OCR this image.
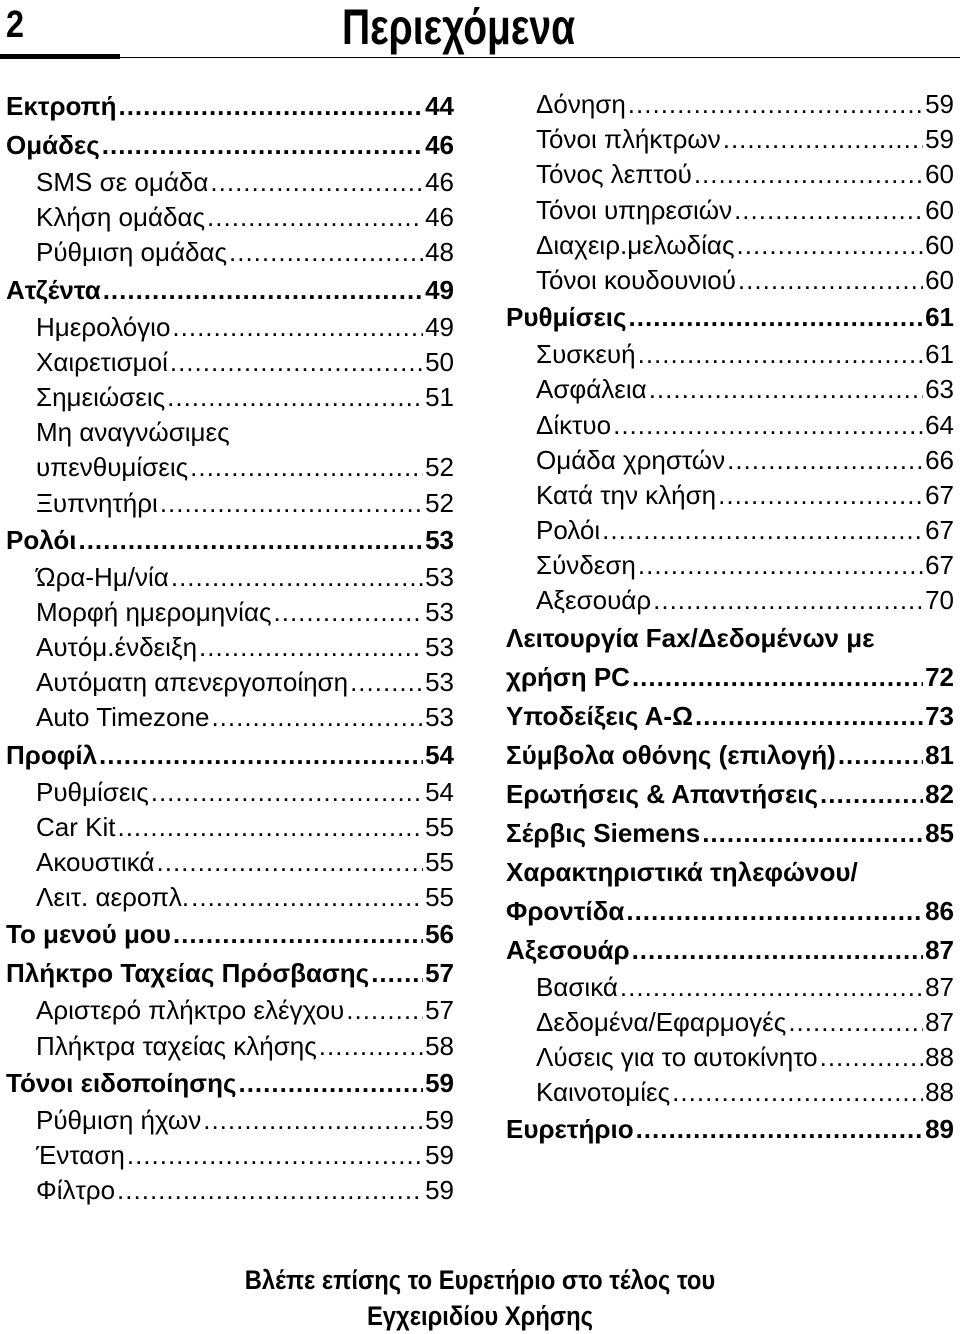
2	Περιεχόμενα
Εκτροπή .....	44
Ομάδες .....	46
SMS σε ομάδα .....	46
Κλήση ομάδας .....	46
Ρύθμιση ομάδας .....	48
Ατζέντα .....	49
Ημερολόγιο .....	49
Χαιρετισμοί .....	50
Σημειώσεις .....	51
Μη αναγνώσιμες
υπενθυμίσεις .....	52
Ξυπνητήρι .....	52
Ρολόι .....	53
Ώρα-Ημ/νία .....	53
Μορφή ημερομηνίας .....	53
Αυτόμ.ένδειξη .....	53
Αυτόματη απενεργοποίηση .....	53
Auto Timezone .....	53
Προφίλ .....	54
Ρυθμίσεις .....	54
Car Kit .....	55
Ακουστικά .....	55
Λειτ. αεροπλ. .....	55
Το μενού μου .....	56
Πλήκτρο Ταχείας Πρόσβασης ..... 57
Αριστερό πλήκτρο ελέγχου .....	57
Πλήκτρα ταχείας κλήσης .....	58
Τόνοι ειδοποίησης .....	59
Ρύθμιση ήχων .....	59
Ένταση .....	59
Φίλτρο .....	59
Δόνηση .....	59
Τόνοι πλήκτρων .....	59
Τόνος λεπτού .....	60
Τόνοι υπηρεσιών .....	60
Διαχειρ.μελωδίας .....	60
Τόνοι κουδουνιού .....	60
Ρυθμίσεις .....	61
Συσκευή .....	61
Ασφάλεια .....	63
Δίκτυο .....	64
Ομάδα χρηστών .....	66
Κατά την κλήση .....	67
Ρολόι .....	67
Σύνδεση .....	67
Αξεσουάρ .....	70
Λειτουργία Fax/Δεδομένων με
χρήση PC .....	72
Υποδείξεις Α-Ω .....	73
Σύμβολα οθόνης (επιλογή) .....	81
Ερωτήσεις & Απαντήσεις .....	82
Σέρβις Siemens .....	85
Χαρακτηριστικά τηλεφώνου/
Φροντίδα .....	86
Αξεσουάρ .....	87
Βασικά .....	87
Δεδομένα/Εφαρμογές .....	87
Λύσεις για το αυτοκίνητο .....	88
Καινοτομίες .....	88
Ευρετήριο .....	89
Βλέπε επίσης το Ευρετήριο στο τέλος του
Εγχειριδίου Χρήσης
